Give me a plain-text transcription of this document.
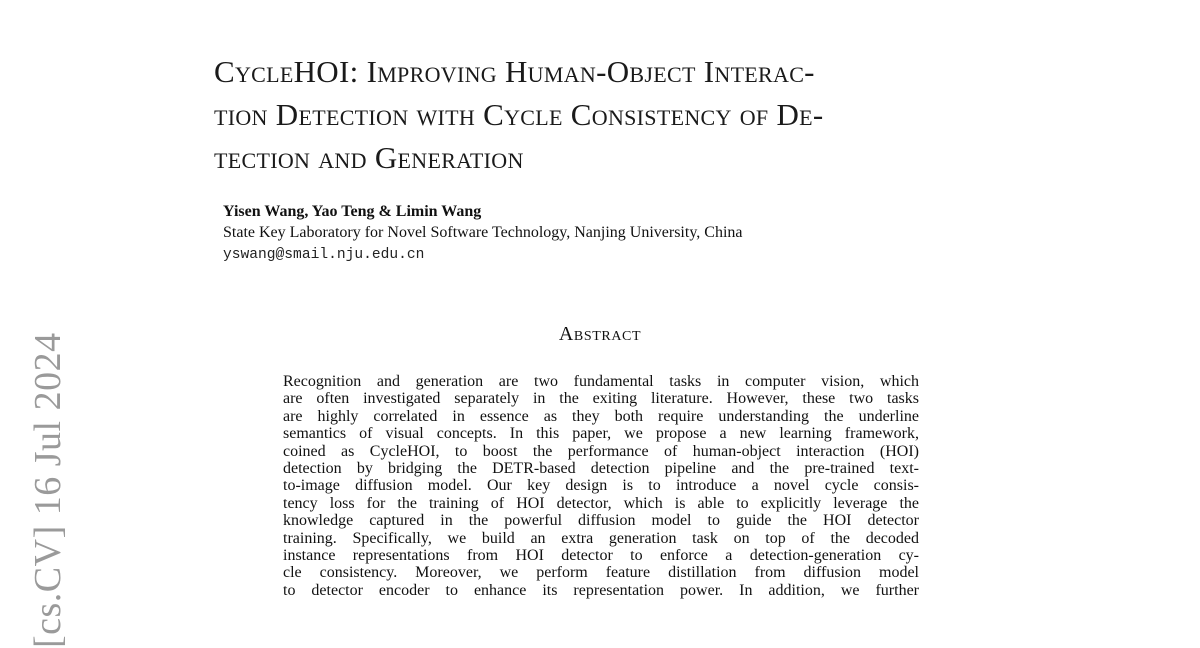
[cs.CV] 16 Jul 2024
CycleHOI: Improving Human-Object Interac-
tion Detection with Cycle Consistency of De-
tection and Generation
Yisen Wang, Yao Teng & Limin Wang
State Key Laboratory for Novel Software Technology, Nanjing University, China
yswang@smail.nju.edu.cn
Abstract
Recognition and generation are two fundamental tasks in computer vision, which
are often investigated separately in the exiting literature. However, these two tasks
are highly correlated in essence as they both require understanding the underline
semantics of visual concepts. In this paper, we propose a new learning framework,
coined as CycleHOI, to boost the performance of human-object interaction (HOI)
detection by bridging the DETR-based detection pipeline and the pre-trained text-
to-image diffusion model. Our key design is to introduce a novel cycle consis-
tency loss for the training of HOI detector, which is able to explicitly leverage the
knowledge captured in the powerful diffusion model to guide the HOI detector
training. Specifically, we build an extra generation task on top of the decoded
instance representations from HOI detector to enforce a detection-generation cy-
cle consistency. Moreover, we perform feature distillation from diffusion model
to detector encoder to enhance its representation power. In addition, we further
